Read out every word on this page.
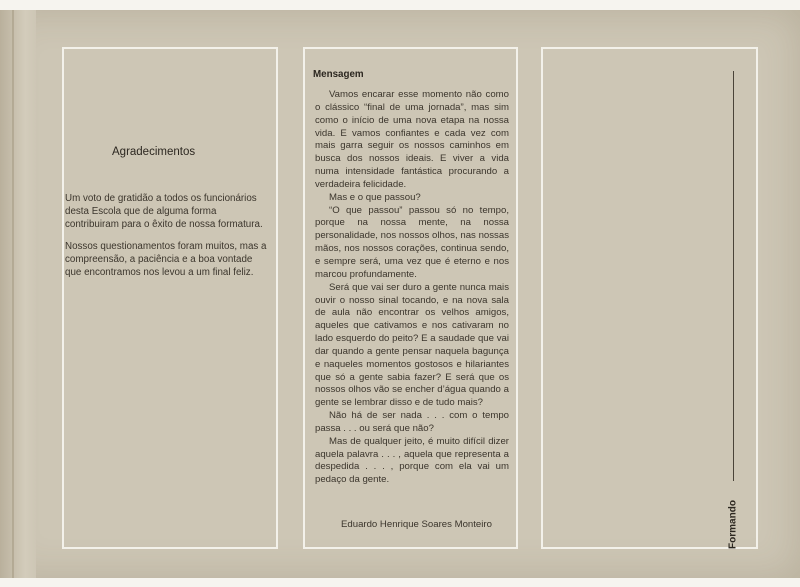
Agradecimentos

Um voto de gratidão a todos os funcionários desta Escola que de alguma forma contribuiram para o êxito de nossa formatura.

Nossos questionamentos foram muitos, mas a compreensão, a paciência e a boa vontade que encontramos nos levou a um final feliz.

Mensagem

Vamos encarar esse momento não como o clássico “final de uma jornada”, mas sim como o início de uma nova etapa na nossa vida. E vamos confiantes e cada vez com mais garra seguir os nossos caminhos em busca dos nossos ideais. E viver a vida numa intensidade fantástica procurando a verdadeira felicidade.

Mas e o que passou?

“O que passou” passou só no tempo, porque na nossa mente, na nossa personalidade, nos nossos olhos, nas nossas mãos, nos nossos corações, continua sendo, e sempre será, uma vez que é eterno e nos marcou profundamente.

Será que vai ser duro a gente nunca mais ouvir o nosso sinal tocando, e na nova sala de aula não encontrar os velhos amigos, aqueles que cativamos e nos cativaram no lado esquerdo do peito? E a saudade que vai dar quando a gente pensar naquela bagunça e naqueles momentos gostosos e hilariantes que só a gente sabia fazer? E será que os nossos olhos vão se encher d’água quando a gente se lembrar disso e de tudo mais?

Não há de ser nada . . . com o tempo passa . . . ou será que não?

Mas de qualquer jeito, é muito difícil dizer aquela palavra . . . , aquela que representa a despedida . . . , porque com ela vai um pedaço da gente.

Eduardo Henrique Soares Monteiro	Formando
